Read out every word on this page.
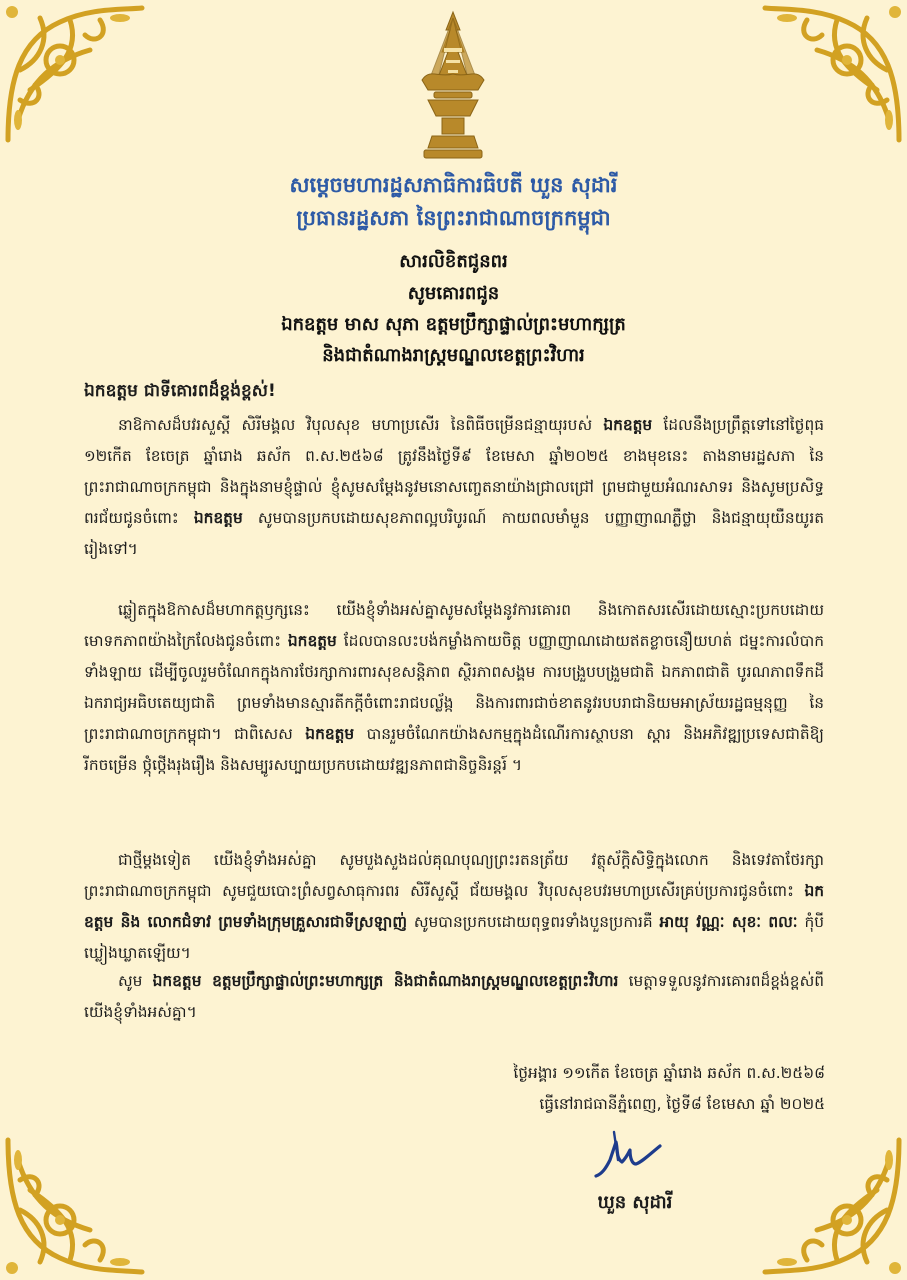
សម្តេចមហារដ្ឋសភាធិការធិបតី ឃួន សុដារី
ប្រធានរដ្ឋសភា នៃព្រះរាជាណាចក្រកម្ពុជា
សារលិខិតជូនពរ
សូមគោរពជូន
ឯកឧត្តម មាស សុភា ឧត្តមប្រឹក្សាផ្ទាល់ព្រះមហាក្សត្រ
និងជាតំណាងរាស្ត្រមណ្ឌលខេត្តព្រះវិហារ
ឯកឧត្តម ជាទីគោរពដ៏ខ្ពង់ខ្ពស់!
នាឱកាសដ៏បវរសួស្តី សិរីមង្គល វិបុលសុខ មហាប្រសើរ នៃពិធីចម្រើនជន្មាយុរបស់ ឯកឧត្តម ដែលនឹងប្រព្រឹត្តទៅនៅថ្ងៃពុធ ១២កើត ខែចេត្រ ឆ្នាំរោង ឆស័ក ព.ស.២៥៦៨ ត្រូវនឹងថ្ងៃទី៩ ខែមេសា ឆ្នាំ២០២៥ ខាងមុខនេះ តាងនាមរដ្ឋសភា នៃព្រះរាជាណាចក្រកម្ពុជា និងក្នុងនាមខ្ញុំផ្ទាល់ ខ្ញុំសូមសម្តែងនូវមនោសញ្ចេតនាយ៉ាងជ្រាលជ្រៅ ព្រមជាមួយអំណរសាទរ និងសូមប្រសិទ្ធពរជ័យជូនចំពោះ ឯកឧត្តម សូមបានប្រកបដោយសុខភាពល្អបរិបូរណ៍ កាយពលមាំមួន បញ្ញាញាណភ្លឺថ្លា និងជន្មាយុយឺនយូរតរៀងទៅ។
ឆ្លៀតក្នុងឱកាសដ៏មហាកត្តឫក្សនេះ យើងខ្ញុំទាំងអស់គ្នាសូមសម្តែងនូវការគោរព និងកោតសរសើរដោយស្មោះប្រកបដោយមោទកភាពយ៉ាងក្រៃលែងជូនចំពោះ ឯកឧត្តម ដែលបានលះបង់កម្លាំងកាយចិត្ត បញ្ញាញាណដោយឥតខ្លាចនឿយហត់ ជម្នះការលំបាកទាំងឡាយ ដើម្បីចូលរួមចំណែកក្នុងការថែរក្សាការពារសុខសន្តិភាព ស្ថិរភាពសង្គម ការបង្រួបបង្រួមជាតិ ឯកភាពជាតិ បូរណភាពទឹកដី ឯករាជ្យអធិបតេយ្យជាតិ ព្រមទាំងមានស្មារតីកក្តីចំពោះរាជបល្ល័ង្ក និងការពារជាច់ខាតនូវរបបរាជានិយមអាស្រ័យរដ្ឋធម្មនុញ្ញ នៃព្រះរាជាណាចក្រកម្ពុជា។ ជាពិសេស ឯកឧត្តម បានរួមចំណែកយ៉ាងសកម្មក្នុងដំណើរការស្ថាបនា ស្តារ និងអភិវឌ្ឍប្រទេសជាតិឱ្យរីកចម្រើន ថ្កុំថ្កើងរុងរឿង និងសម្បូរសប្បាយប្រកបដោយវឌ្ឍនភាពជានិច្ចនិរន្តរ៍ ។
ជាថ្មីម្តងទៀត យើងខ្ញុំទាំងអស់គ្នា សូមបួងសួងដល់គុណបុណ្យព្រះរតនត្រ័យ វត្ថុស័ក្តិសិទ្ធិក្នុងលោក និងទេវតាថែរក្សាព្រះរាជាណាចក្រកម្ពុជា សូមជួយបោះព្រំសព្វសាធុការពរ សិរីសួស្តី ជ័យមង្គល វិបុលសុខបវរមហាប្រសើរគ្រប់ប្រការជូនចំពោះ ឯកឧត្តម និង លោកជំទាវ ព្រមទាំងក្រុមគ្រួសារជាទីស្រឡាញ់ សូមបានប្រកបដោយពុទ្ធពរទាំងបួនប្រការគឺ អាយុ វណ្ណៈ សុខៈ ពលៈ កុំបីឃ្លៀងឃ្លាតឡើយ។
សូម ឯកឧត្តម ឧត្តមប្រឹក្សាផ្ទាល់ព្រះមហាក្សត្រ និងជាតំណាងរាស្ត្រមណ្ឌលខេត្តព្រះវិហារ មេត្តាទទួលនូវការគោរពដ៏ខ្ពង់ខ្ពស់ពីយើងខ្ញុំទាំងអស់គ្នា។
ថ្ងៃអង្គារ ១១កើត ខែចេត្រ ឆ្នាំរោង ឆស័ក ព.ស.២៥៦៨
ធ្វើនៅរាជធានីភ្នំពេញ, ថ្ងៃទី៨ ខែមេសា ឆ្នាំ ២០២៥
ឃួន សុដារី
